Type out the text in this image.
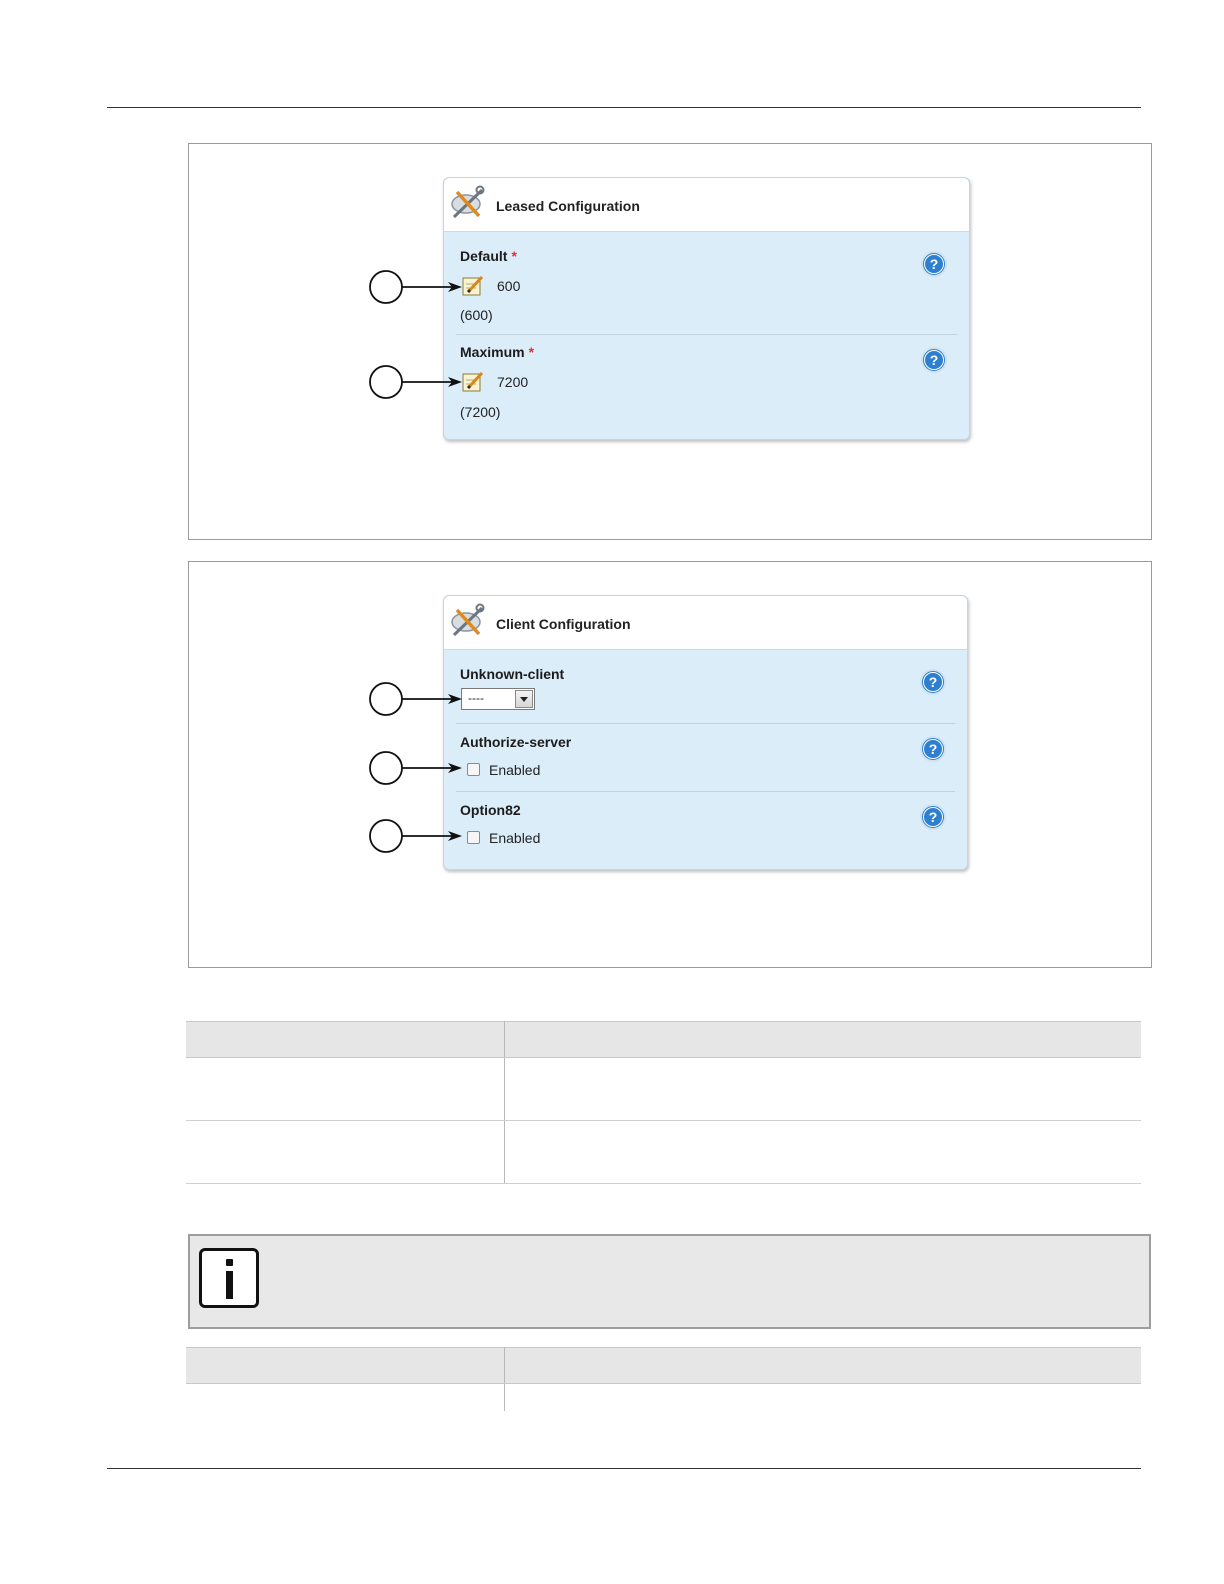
Leased Configuration
Default *
600
(600)
?
Maximum *
7200
(7200)
?
Client Configuration
Unknown-client
----
?
Authorize-server
Enabled
?
Option82
Enabled
?
